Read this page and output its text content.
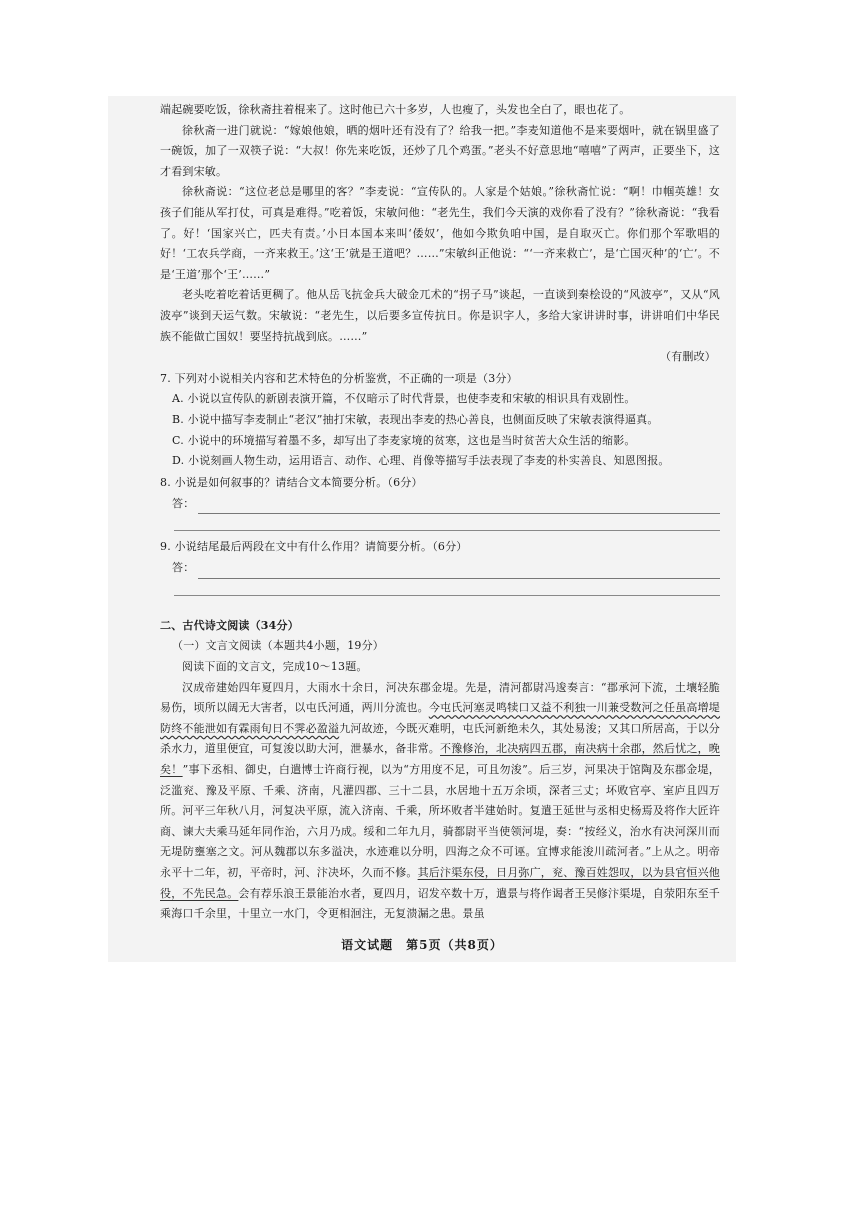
端起碗要吃饭，徐秋斋拄着棍来了。这时他已六十多岁，人也瘦了，头发也全白了，眼也花了。

徐秋斋一进门就说：“嫁娘他娘，晒的烟叶还有没有了？给我一把。”李麦知道他不是来要烟叶，就在锅里盛了一碗饭，加了一双筷子说：“大叔！你先来吃饭，还炒了几个鸡蛋。”老头不好意思地“嘻嘻”了两声，正要坐下，这才看到宋敏。

徐秋斋说：“这位老总是哪里的客？”李麦说：“宣传队的。人家是个姑娘。”徐秋斋忙说：“啊！巾帼英雄！女孩子们能从军打仗，可真是难得。”吃着饭，宋敏问他：“老先生，我们今天演的戏你看了没有？”徐秋斋说：“我看了。好！‘国家兴亡，匹夫有责。’小日本国本来叫‘倭奴’，他如今欺负咱中国，是自取灭亡。你们那个军歌唱的好！‘工农兵学商，一齐来救王。’这‘王’就是王道吧？……”宋敏纠正他说：“‘一齐来救亡’，是‘亡国灭种’的‘亡’。不是‘王道’那个‘王’……”

老头吃着吃着话更稠了。他从岳飞抗金兵大破金兀术的“拐子马”谈起，一直谈到秦桧设的“风波亭”，又从“风波亭”谈到天运气数。宋敏说：“老先生，以后要多宣传抗日。你是识字人，多给大家讲讲时事，讲讲咱们中华民族不能做亡国奴！要坚持抗战到底。……”

（有删改）

7. 下列对小说相关内容和艺术特色的分析鉴赏，不正确的一项是（3分）

A. 小说以宣传队的新剧表演开篇，不仅暗示了时代背景，也使李麦和宋敏的相识具有戏剧性。

B. 小说中描写李麦制止“老汉”抽打宋敏，表现出李麦的热心善良，也侧面反映了宋敏表演得逼真。

C. 小说中的环境描写着墨不多，却写出了李麦家境的贫寒，这也是当时贫苦大众生活的缩影。

D. 小说刻画人物生动，运用语言、动作、心理、肖像等描写手法表现了李麦的朴实善良、知恩图报。

8. 小说是如何叙事的？请结合文本简要分析。（6分）

答：

9. 小说结尾最后两段在文中有什么作用？请简要分析。（6分）

答：

二、古代诗文阅读（34分）

（一）文言文阅读（本题共4小题，19分）

阅读下面的文言文，完成10～13题。

汉成帝建始四年夏四月，大雨水十余日，河决东郡金堤。先是，清河都尉冯逡奏言：“郡承河下流，土壤轻脆易伤，顷所以阔无大害者，以屯氏河通，两川分流也。今屯氏河塞灵鸣犊口又益不利独一川兼受数河之任虽高增堤防终不能泄如有霖雨旬日不霁必盈溢九河故迹，今既灭难明，屯氏河新绝未久，其处易浚；又其口所居高，于以分杀水力，道里便宜，可复浚以助大河，泄暴水，备非常。不豫修治，北决病四五郡，南决病十余郡，然后忧之，晚矣！”事下丞相、御史，白遣博士许商行视，以为“方用度不足，可且勿浚”。后三岁，河果决于馆陶及东郡金堤，泛滥兖、豫及平原、千乘、济南，凡灌四郡、三十二县，水居地十五万余顷，深者三丈；坏败官亭、室庐且四万所。河平三年秋八月，河复决平原，流入济南、千乘，所坏败者半建始时。复遣王延世与丞相史杨焉及将作大匠许商、谏大夫乘马延年同作治，六月乃成。绥和二年九月，骑都尉平当使领河堤，奏：“按经义，治水有决河深川而无堤防壅塞之文。河从魏郡以东多溢决，水迹难以分明，四海之众不可诬。宜博求能浚川疏河者。”上从之。明帝永平十二年，初，平帝时，河、汴决坏，久而不修。其后汴渠东侵，日月弥广，兖、豫百姓怨叹，以为县官恒兴他役，不先民急。会有荐乐浪王景能治水者，夏四月，诏发卒数十万，遣景与将作谒者王吴修汴渠堤，自荥阳东至千乘海口千余里，十里立一水门，令更相洄注，无复溃漏之患。景虽

语文试题　第5页（共8页）
